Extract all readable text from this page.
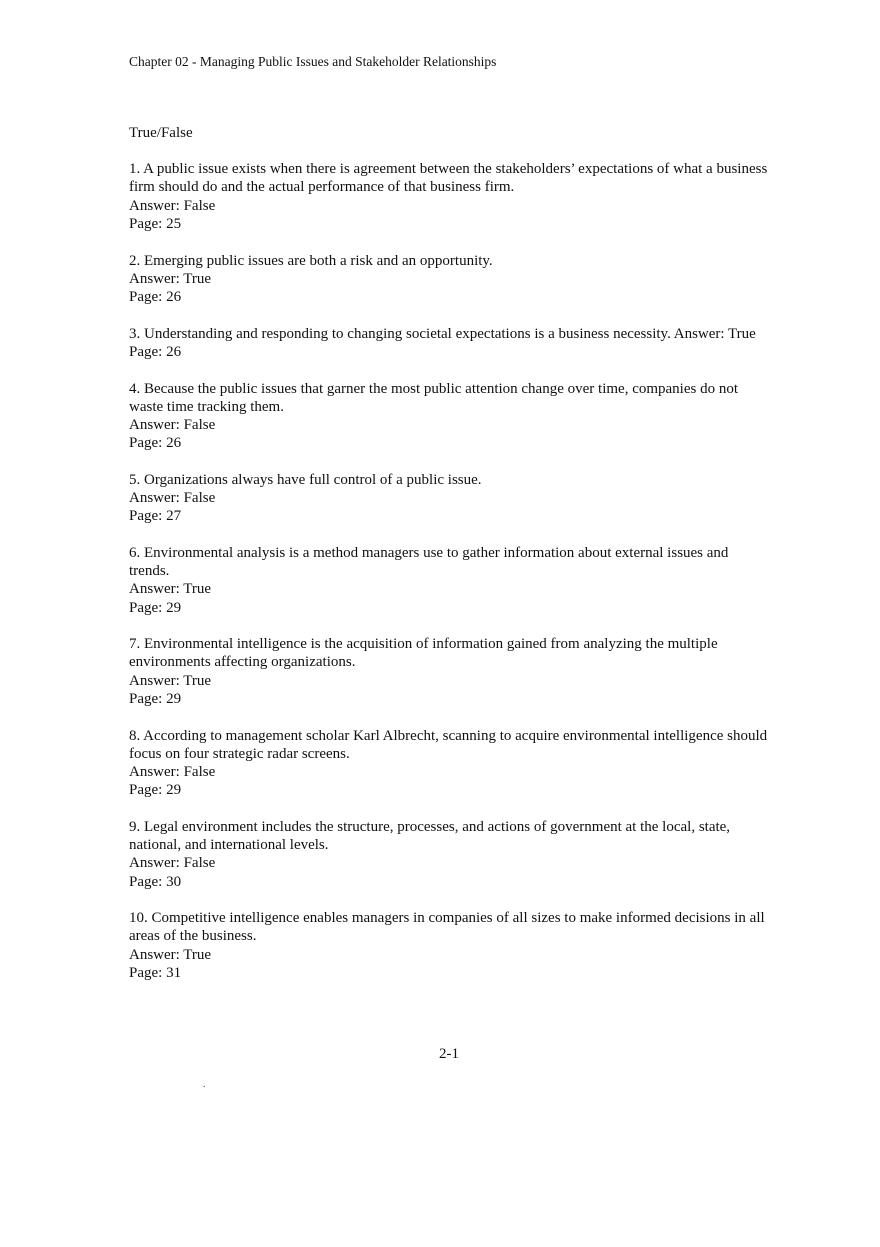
Chapter 02 - Managing Public Issues and Stakeholder Relationships

True/False

1. A public issue exists when there is agreement between the stakeholders’ expectations of what a business firm should do and the actual performance of that business firm.

Answer: False

Page: 25

2. Emerging public issues are both a risk and an opportunity.

Answer: True

Page: 26

3. Understanding and responding to changing societal expectations is a business necessity. Answer: True

Page: 26

4. Because the public issues that garner the most public attention change over time, companies do not waste time tracking them.

Answer: False

Page: 26

5. Organizations always have full control of a public issue.

Answer: False

Page: 27

6. Environmental analysis is a method managers use to gather information about external issues and trends.

Answer: True

Page: 29

7. Environmental intelligence is the acquisition of information gained from analyzing the multiple environments affecting organizations.

Answer: True

Page: 29

8. According to management scholar Karl Albrecht, scanning to acquire environmental intelligence should focus on four strategic radar screens.

Answer: False

Page: 29

9. Legal environment includes the structure, processes, and actions of government at the local, state, national, and international levels.

Answer: False

Page: 30

10. Competitive intelligence enables managers in companies of all sizes to make informed decisions in all areas of the business.

Answer: True

Page: 31

2-1
.
